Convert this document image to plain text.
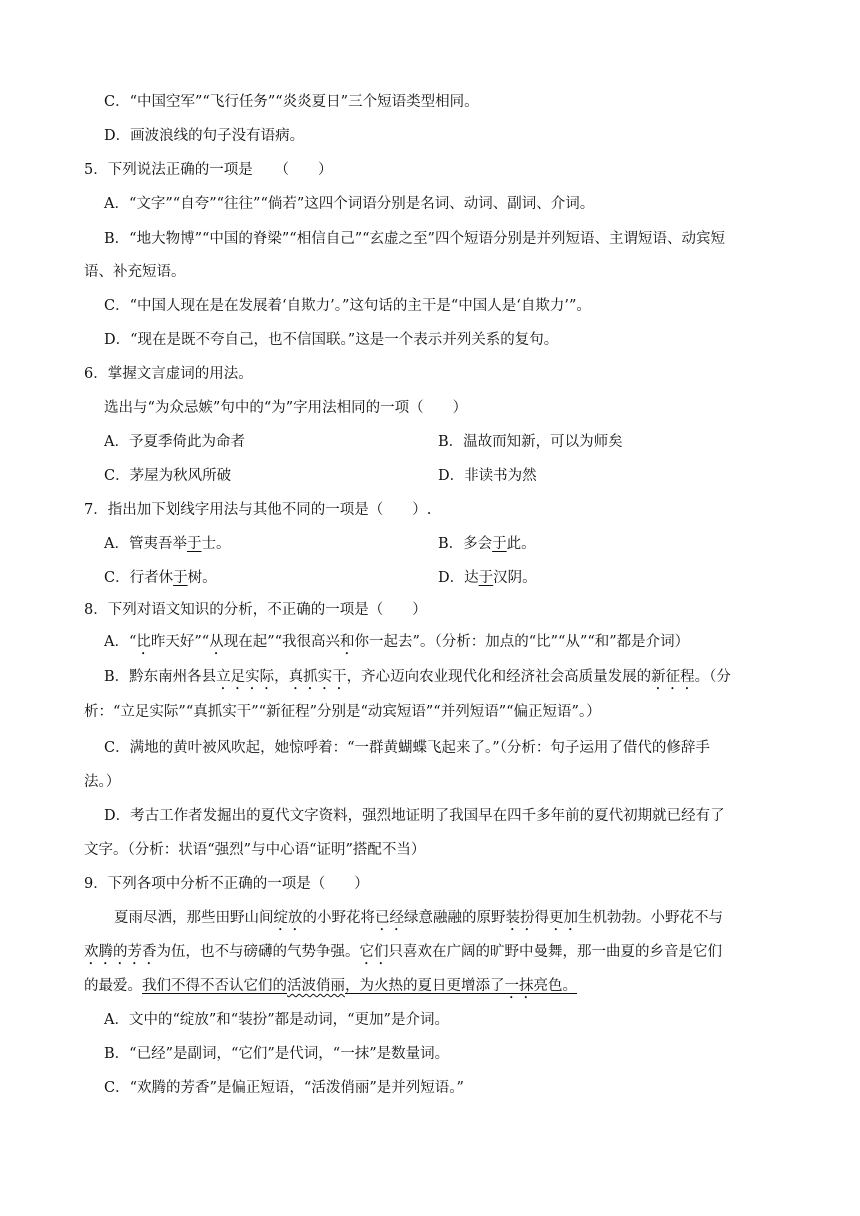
C．“中国空军”“飞行任务”“炎炎夏日”三个短语类型相同。
D．画波浪线的句子没有语病。
5．下列说法正确的一项是　　（　　）
A．“文字”“自夸”“往往”“倘若”这四个词语分别是名词、动词、副词、介词。
B．“地大物博”“中国的脊梁”“相信自己”“玄虚之至”四个短语分别是并列短语、主谓短语、动宾短
语、补充短语。
C．“中国人现在是在发展着‘自欺力’。”这句话的主干是“中国人是‘自欺力’”。
D．“现在是既不夸自己，也不信国联。”这是一个表示并列关系的复句。
6．掌握文言虚词的用法。
选出与“为众忌嫉”句中的“为”字用法相同的一项（　　）
A．予夏季倚此为命者	B．温故而知新，可以为师矣
C．茅屋为秋风所破	D．非读书为然
7．指出加下划线字用法与其他不同的一项是（　　）.
A．管夷吾举于士。	B．多会于此。
C．行者休于树。	D．达于汉阴。
8．下列对语文知识的分析，不正确的一项是（　　）
A．“比昨天好”“从现在起”“我很高兴和你一起去”。（分析：加点的“比”“从”“和”都是介词）
B．黔东南州各县立足实际，真抓实干，齐心迈向农业现代化和经济社会高质量发展的新征程。（分
析：“立足实际”“真抓实干”“新征程”分别是“动宾短语”“并列短语”“偏正短语”。）
C．满地的黄叶被风吹起，她惊呼着：“一群黄蝴蝶飞起来了。”（分析：句子运用了借代的修辞手
法。）
D．考古工作者发掘出的夏代文字资料，强烈地证明了我国早在四千多年前的夏代初期就已经有了
文字。（分析：状语“强烈”与中心语“证明”搭配不当）
9．下列各项中分析不正确的一项是（　　）
夏雨尽洒，那些田野山间绽放的小野花将已经绿意融融的原野装扮得更加生机勃勃。小野花不与
欢腾的芳香为伍，也不与磅礴的气势争强。它们只喜欢在广阔的旷野中曼舞，那一曲夏的乡音是它们
的最爱。我们不得不否认它们的活波俏丽，为火热的夏日更增添了一抹亮色。
A．文中的“绽放”和“装扮”都是动词，“更加”是介词。
B．“已经”是副词，“它们”是代词，“一抹”是数量词。
C．“欢腾的芳香”是偏正短语，“活泼俏丽”是并列短语。”
